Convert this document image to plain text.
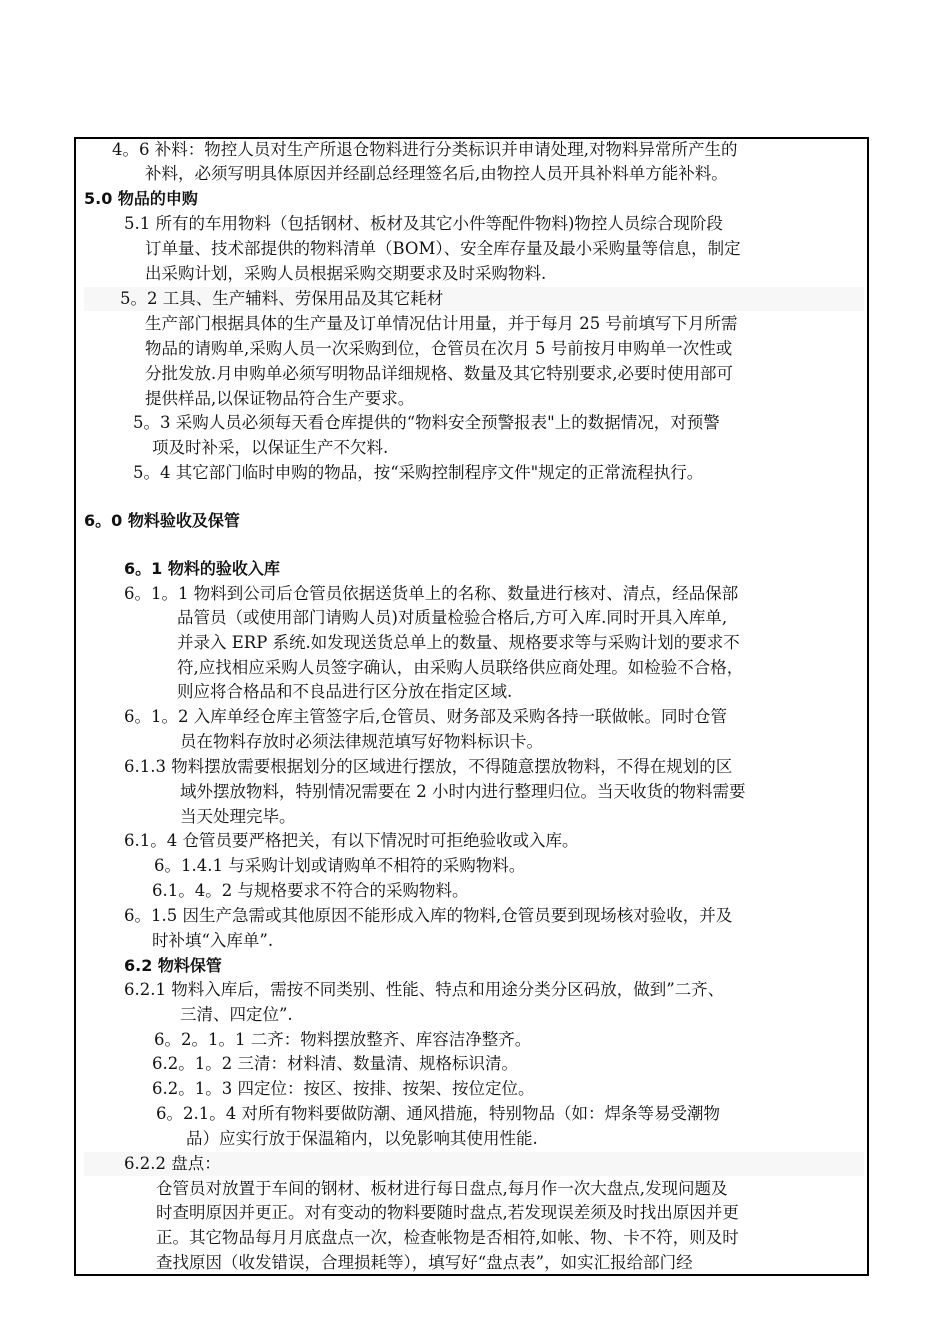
4。6 补料：物控人员对生产所退仓物料进行分类标识并申请处理,对物料异常所产生的
补料，必须写明具体原因并经副总经理签名后,由物控人员开具补料单方能补料。
5.0 物品的申购
5.1 所有的车用物料（包括钢材、板材及其它小件等配件物料)物控人员综合现阶段
订单量、技术部提供的物料清单（BOM）、安全库存量及最小采购量等信息，制定
出采购计划，采购人员根据采购交期要求及时采购物料.
5。2 工具、生产辅料、劳保用品及其它耗材
生产部门根据具体的生产量及订单情况估计用量，并于每月 25 号前填写下月所需
物品的请购单,采购人员一次采购到位，仓管员在次月 5 号前按月申购单一次性或
分批发放.月申购单必须写明物品详细规格、数量及其它特别要求,必要时使用部可
提供样品,以保证物品符合生产要求。
5。3 采购人员必须每天看仓库提供的“物料安全预警报表"上的数据情况，对预警
项及时补采，以保证生产不欠料.
5。4 其它部门临时申购的物品，按“采购控制程序文件"规定的正常流程执行。
6。0 物料验收及保管
6。1 物料的验收入库
6。1。1 物料到公司后仓管员依据送货单上的名称、数量进行核对、清点，经品保部
品管员（或使用部门请购人员)对质量检验合格后,方可入库.同时开具入库单,
并录入 ERP 系统.如发现送货总单上的数量、规格要求等与采购计划的要求不
符,应找相应采购人员签字确认，由采购人员联络供应商处理。如检验不合格，
则应将合格品和不良品进行区分放在指定区域.
6。1。2 入库单经仓库主管签字后,仓管员、财务部及采购各持一联做帐。同时仓管
员在物料存放时必须法律规范填写好物料标识卡。
6.1.3 物料摆放需要根据划分的区域进行摆放，不得随意摆放物料，不得在规划的区
域外摆放物料，特别情况需要在 2 小时内进行整理归位。当天收货的物料需要
当天处理完毕。
6.1。4 仓管员要严格把关，有以下情况时可拒绝验收或入库。
6。1.4.1 与采购计划或请购单不相符的采购物料。
6.1。4。2 与规格要求不符合的采购物料。
6。1.5 因生产急需或其他原因不能形成入库的物料,仓管员要到现场核对验收，并及
时补填“入库单”.
6.2 物料保管
6.2.1 物料入库后，需按不同类别、性能、特点和用途分类分区码放，做到”二齐、
三清、四定位”.
6。2。1。1 二齐：物料摆放整齐、库容洁净整齐。
6.2。1。2 三清：材料清、数量清、规格标识清。
6.2。1。3 四定位：按区、按排、按架、按位定位。
6。2.1。4 对所有物料要做防潮、通风措施，特别物品（如：焊条等易受潮物
品）应实行放于保温箱内，以免影响其使用性能.
6.2.2 盘点：
仓管员对放置于车间的钢材、板材进行每日盘点,每月作一次大盘点,发现问题及
时查明原因并更正。对有变动的物料要随时盘点,若发现误差须及时找出原因并更
正。其它物品每月月底盘点一次，检查帐物是否相符,如帐、物、卡不符，则及时
查找原因（收发错误，合理损耗等），填写好“盘点表”，如实汇报给部门经
